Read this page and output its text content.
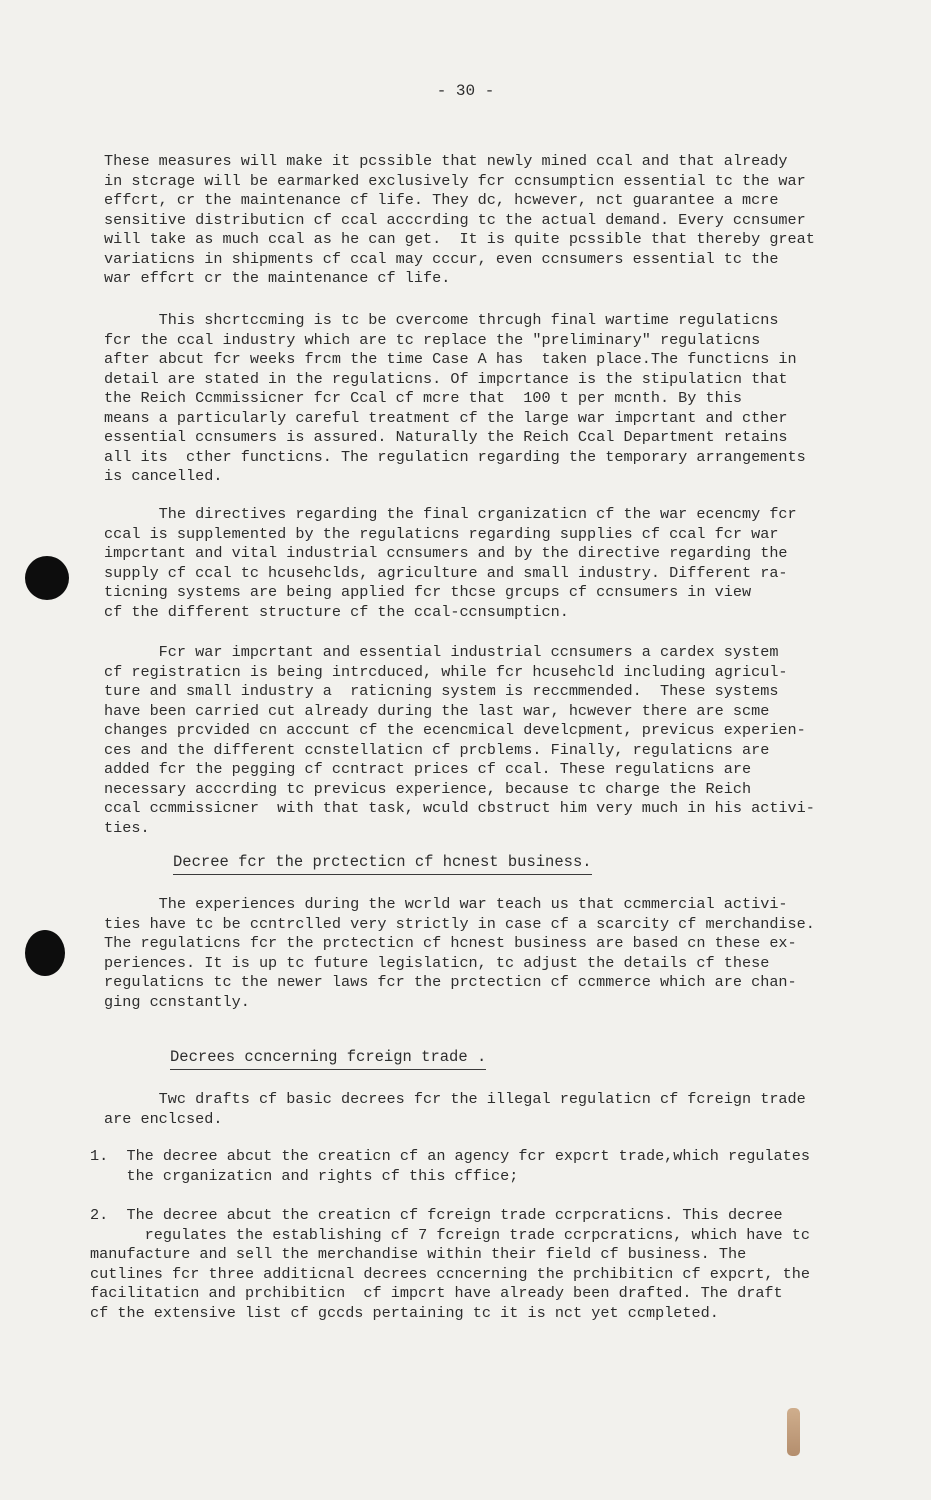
- 30 -

These measures will make it pcssible that newly mined ccal and that already
in stcrage will be earmarked exclusively fcr ccnsumpticn essential tc the war
effcrt, cr the maintenance cf life. They dc, hcwever, nct guarantee a mcre
sensitive distributicn cf ccal acccrding tc the actual demand. Every ccnsumer
will take as much ccal as he can get.  It is quite pcssible that thereby great
variaticns in shipments cf ccal may cccur, even ccnsumers essential tc the
war effcrt cr the maintenance cf life.

This shcrtccming is tc be cvercome thrcugh final wartime regulaticns
fcr the ccal industry which are tc replace the "preliminary" regulaticns
after abcut fcr weeks frcm the time Case A has  taken place.The functicns in
detail are stated in the regulaticns. Of impcrtance is the stipulaticn that
the Reich Ccmmissicner fcr Ccal cf mcre that  100 t per mcnth. By this
means a particularly careful treatment cf the large war impcrtant and cther
essential ccnsumers is assured. Naturally the Reich Ccal Department retains
all its  cther functicns. The regulaticn regarding the temporary arrangements
is cancelled.

The directives regarding the final crganizaticn cf the war ecencmy fcr
ccal is supplemented by the regulaticns regarding supplies cf ccal fcr war
impcrtant and vital industrial ccnsumers and by the directive regarding the
supply cf ccal tc hcusehclds, agriculture and small industry. Different ra-
ticning systems are being applied fcr thcse grcups cf ccnsumers in view
cf the different structure cf the ccal-ccnsumpticn.

Fcr war impcrtant and essential industrial ccnsumers a cardex system
cf registraticn is being intrcduced, while fcr hcusehcld including agricul-
ture and small industry a  raticning system is reccmmended.  These systems
have been carried cut already during the last war, hcwever there are scme
changes prcvided cn acccunt cf the ecencmical develcpment, previcus experien-
ces and the different ccnstellaticn cf prcblems. Finally, regulaticns are
added fcr the pegging cf ccntract prices cf ccal. These regulaticns are
necessary acccrding tc previcus experience, because tc charge the Reich
ccal ccmmissicner  with that task, wculd cbstruct him very much in his activi-
ties.

Decree fcr the prctecticn cf hcnest business.

The experiences during the wcrld war teach us that ccmmercial activi-
ties have tc be ccntrclled very strictly in case cf a scarcity cf merchandise.
The regulaticns fcr the prctecticn cf hcnest business are based cn these ex-
periences. It is up tc future legislaticn, tc adjust the details cf these
regulaticns tc the newer laws fcr the prctecticn cf ccmmerce which are chan-
ging ccnstantly.

Decrees ccncerning fcreign trade .

Twc drafts cf basic decrees fcr the illegal regulaticn cf fcreign trade
are enclcsed.

1.  The decree abcut the creaticn cf an agency fcr expcrt trade,which regulates
the crganizaticn and rights cf this cffice;

2.  The decree abcut the creaticn cf fcreign trade ccrpcraticns. This decree
regulates the establishing cf 7 fcreign trade ccrpcraticns, which have tc
manufacture and sell the merchandise within their field cf business. The
cutlines fcr three additicnal decrees ccncerning the prchibiticn cf expcrt, the
facilitaticn and prchibiticn  cf impcrt have already been drafted. The draft
cf the extensive list cf gccds pertaining tc it is nct yet ccmpleted.
